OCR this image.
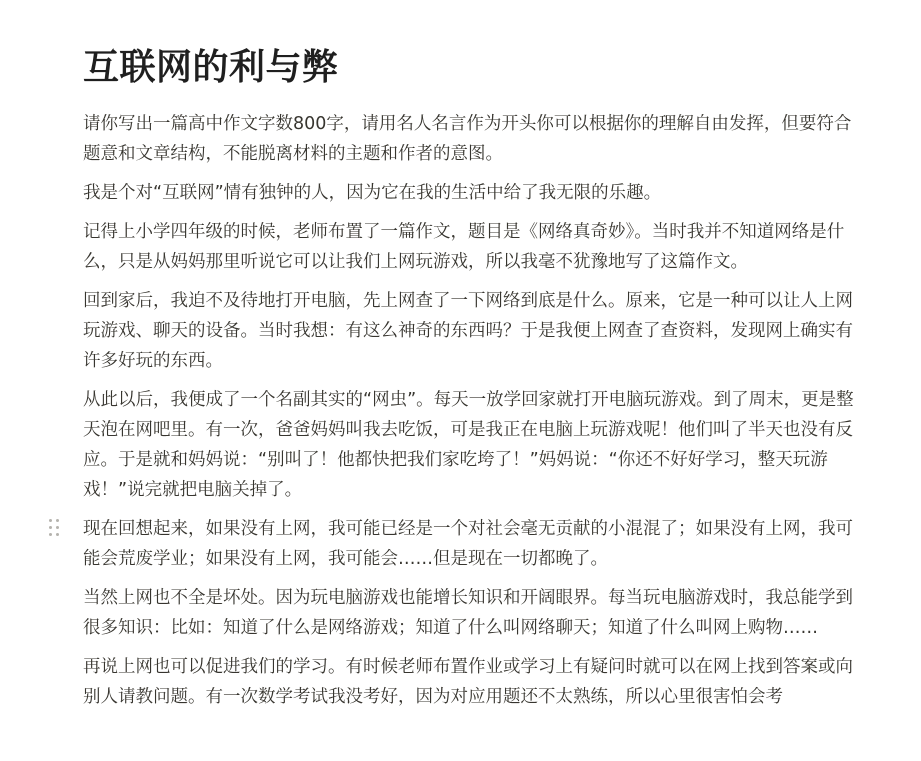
互联网的利与弊

请你写出一篇高中作文字数800字，请用名人名言作为开头你可以根据你的理解自由发挥，但要符合题意和文章结构，不能脱离材料的主题和作者的意图。

我是个对“互联网”情有独钟的人，因为它在我的生活中给了我无限的乐趣。

记得上小学四年级的时候，老师布置了一篇作文，题目是《网络真奇妙》。当时我并不知道网络是什么，只是从妈妈那里听说它可以让我们上网玩游戏，所以我毫不犹豫地写了这篇作文。

回到家后，我迫不及待地打开电脑，先上网查了一下网络到底是什么。原来，它是一种可以让人上网玩游戏、聊天的设备。当时我想：有这么神奇的东西吗？于是我便上网查了查资料，发现网上确实有许多好玩的东西。

从此以后，我便成了一个名副其实的“网虫”。每天一放学回家就打开电脑玩游戏。到了周末，更是整天泡在网吧里。有一次，爸爸妈妈叫我去吃饭，可是我正在电脑上玩游戏呢！他们叫了半天也没有反应。于是就和妈妈说：“别叫了！他都快把我们家吃垮了！”妈妈说：“你还不好好学习，整天玩游戏！”说完就把电脑关掉了。

现在回想起来，如果没有上网，我可能已经是一个对社会毫无贡献的小混混了；如果没有上网，我可能会荒废学业；如果没有上网，我可能会……但是现在一切都晚了。

当然上网也不全是坏处。因为玩电脑游戏也能增长知识和开阔眼界。每当玩电脑游戏时，我总能学到很多知识：比如：知道了什么是网络游戏；知道了什么叫网络聊天；知道了什么叫网上购物……

再说上网也可以促进我们的学习。有时候老师布置作业或学习上有疑问时就可以在网上找到答案或向别人请教问题。有一次数学考试我没考好，因为对应用题还不太熟练，所以心里很害怕会考
